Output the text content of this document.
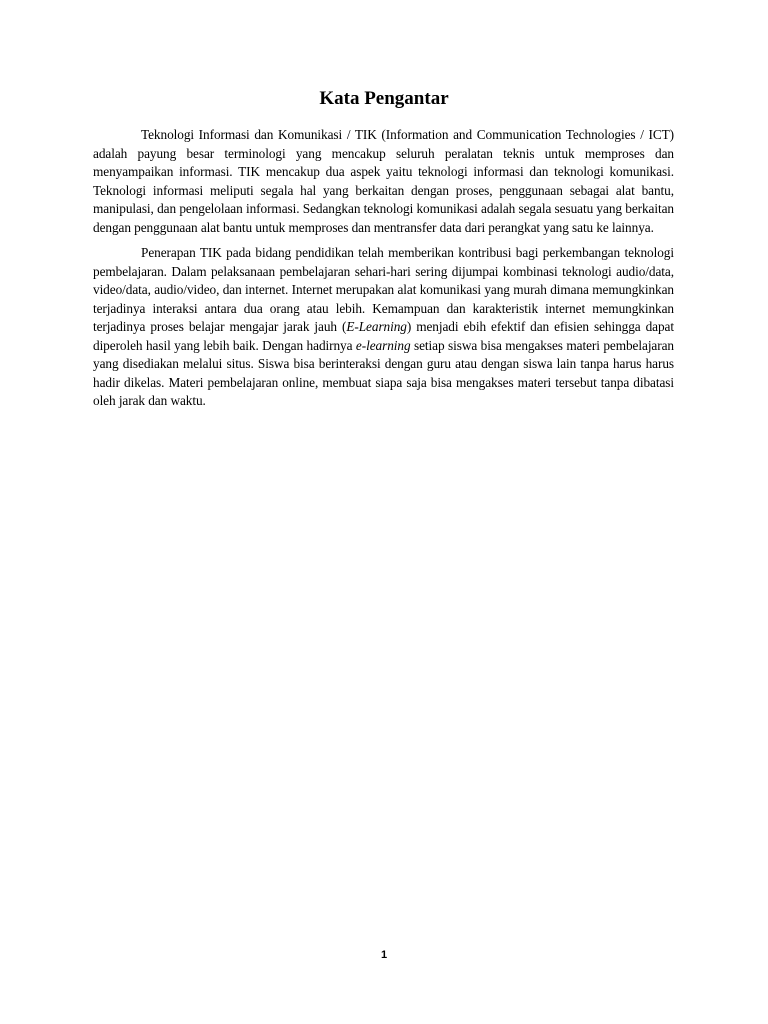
Kata Pengantar

Teknologi Informasi dan Komunikasi / TIK (Information and Communication Technologies / ICT) adalah payung besar terminologi yang mencakup seluruh peralatan teknis untuk memproses dan menyampaikan informasi. TIK mencakup dua aspek yaitu teknologi informasi dan teknologi komunikasi. Teknologi informasi meliputi segala hal yang berkaitan dengan proses, penggunaan sebagai alat bantu, manipulasi, dan pengelolaan informasi. Sedangkan teknologi komunikasi adalah segala sesuatu yang berkaitan dengan penggunaan alat bantu untuk memproses dan mentransfer data dari perangkat yang satu ke lainnya.

Penerapan TIK pada bidang pendidikan telah memberikan kontribusi bagi perkembangan teknologi pembelajaran. Dalam pelaksanaan pembelajaran sehari-hari sering dijumpai kombinasi teknologi audio/data, video/data, audio/video, dan internet. Internet merupakan alat komunikasi yang murah dimana memungkinkan terjadinya interaksi antara dua orang atau lebih. Kemampuan dan karakteristik internet memungkinkan terjadinya proses belajar mengajar jarak jauh (E-Learning) menjadi ebih efektif dan efisien sehingga dapat diperoleh hasil yang lebih baik. Dengan hadirnya e-learning setiap siswa bisa mengakses materi pembelajaran yang disediakan melalui situs. Siswa bisa berinteraksi dengan guru atau dengan siswa lain tanpa harus harus hadir dikelas. Materi pembelajaran online, membuat siapa saja bisa mengakses materi tersebut tanpa dibatasi oleh jarak dan waktu.

1
